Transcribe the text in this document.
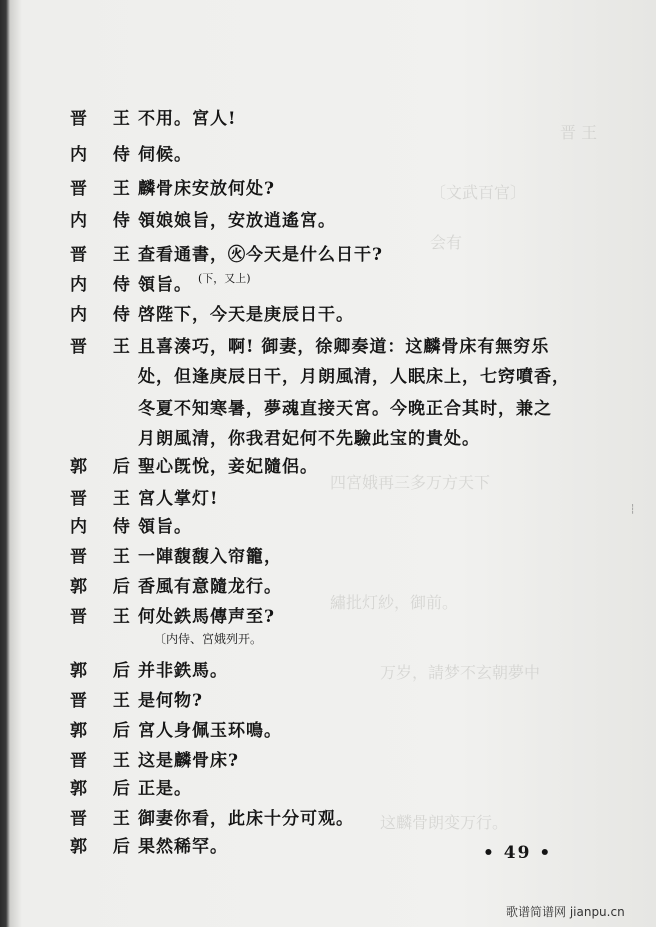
晋 王
〔文武百官〕
会有
四宮娥再三多万方天下
繡批灯紗，御前。
万岁，請梦不玄朝夢中
这麟骨朗变万行。
晋 王
不用。宮人!
内 侍
伺候。
晋 王
麟骨床安放何处?
内 侍
領娘娘旨，安放逍遙宮。
晋 王
查看通書，㊋今天是什么日干?
内 侍
領旨。 (下，又上)
内 侍
啓陛下，今天是庚辰日干。
晋 王
且喜湊巧，啊! 御妻，徐卿奏道：这麟骨床有無穷乐
处，但逢庚辰日干，月朗風清，人眠床上，七窍噴香，
冬夏不知寒暑，夢魂直接天宮。今晚正合其时，兼之
月朗風清，你我君妃何不先驗此宝的貴处。
郭 后
聖心旣悅，妾妃隨侶。
晋 王
宮人掌灯!
内 侍
領旨。
晋 王
一陣馥馥入帘籠，
郭 后
香風有意隨龙行。
晋 王
何处鉄馬傳声至?
〔内侍、宮娥列开。
郭 后
并非鉄馬。
晋 王
是何物?
郭 后
宮人身佩玉环鳴。
晋 王
这是麟骨床?
郭 后
正是。
晋 王
御妻你看，此床十分可观。
郭 后
果然稀罕。
┆
• 49 •
歌谱简谱网 jianpu.cn
